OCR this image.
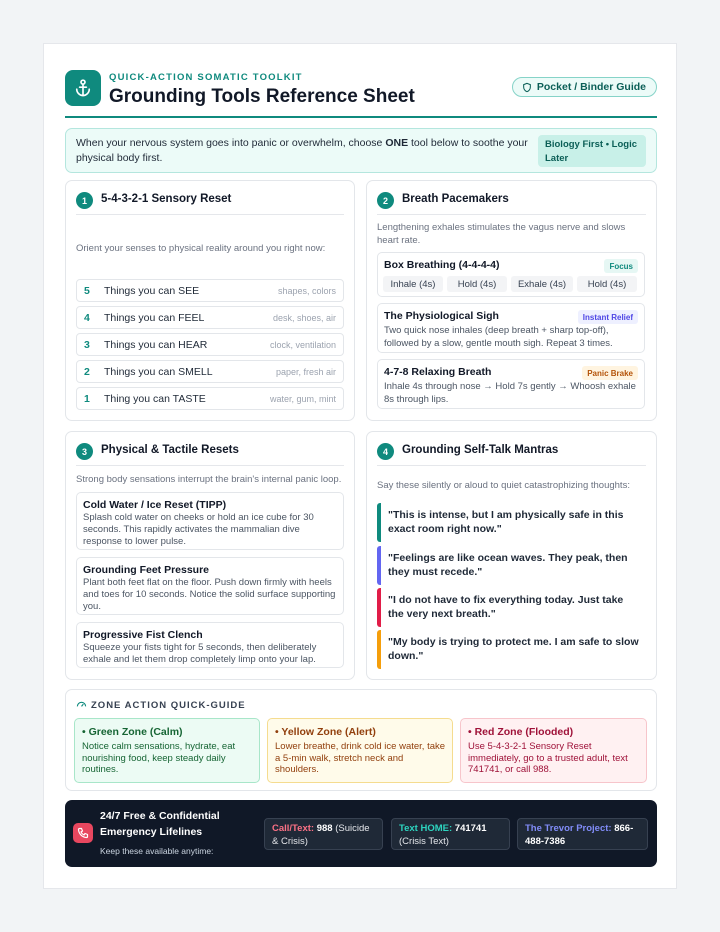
QUICK-ACTION SOMATIC TOOLKIT
Grounding Tools Reference Sheet	Pocket / Binder Guide
When your nervous system goes into panic or overwhelm, choose ONE tool below to soothe your physical body first.
Biology First • Logic Later
1	5-4-3-2-1 Sensory Reset
Orient your senses to physical reality around you right now:
5 Things you can SEE	shapes, colors
4 Things you can FEEL	desk, shoes, air
3 Things you can HEAR	clock, ventilation
2 Things you can SMELL	paper, fresh air
1 Thing you can TASTE	water, gum, mint
2	Breath Pacemakers
Lengthening exhales stimulates the vagus nerve and slows heart rate.
Box Breathing (4-4-4-4)	Focus
Inhale (4s)	Hold (4s)	Exhale (4s)	Hold (4s)
The Physiological Sigh	Instant Relief
Two quick nose inhales (deep breath + sharp top-off), followed by a slow, gentle mouth sigh. Repeat 3 times.
4-7-8 Relaxing Breath	Panic Brake
Inhale 4s through nose → Hold 7s gently → Whoosh exhale 8s through lips.
3	Physical & Tactile Resets
Strong body sensations interrupt the brain's internal panic loop.
Cold Water / Ice Reset (TIPP)
Splash cold water on cheeks or hold an ice cube for 30 seconds. This rapidly activates the mammalian dive response to lower pulse.
Grounding Feet Pressure
Plant both feet flat on the floor. Push down firmly with heels and toes for 10 seconds. Notice the solid surface supporting you.
Progressive Fist Clench
Squeeze your fists tight for 5 seconds, then deliberately exhale and let them drop completely limp onto your lap.
4	Grounding Self-Talk Mantras
Say these silently or aloud to quiet catastrophizing thoughts:
"This is intense, but I am physically safe in this exact room right now."
"Feelings are like ocean waves. They peak, then they must recede."
"I do not have to fix everything today. Just take the very next breath."
"My body is trying to protect me. I am safe to slow down."
ZONE ACTION QUICK-GUIDE
• Green Zone (Calm)
Notice calm sensations, hydrate, eat nourishing food, keep steady daily routines.
• Yellow Zone (Alert)
Lower breathe, drink cold ice water, take a 5-min walk, stretch neck and shoulders.
• Red Zone (Flooded)
Use 5-4-3-2-1 Sensory Reset immediately, go to a trusted adult, text 741741, or call 988.
24/7 Free & Confidential Emergency Lifelines
Keep these available anytime:
Call/Text: 988 (Suicide & Crisis)
Text HOME: 741741
(Crisis Text)
The Trevor Project: 866-488-7386
